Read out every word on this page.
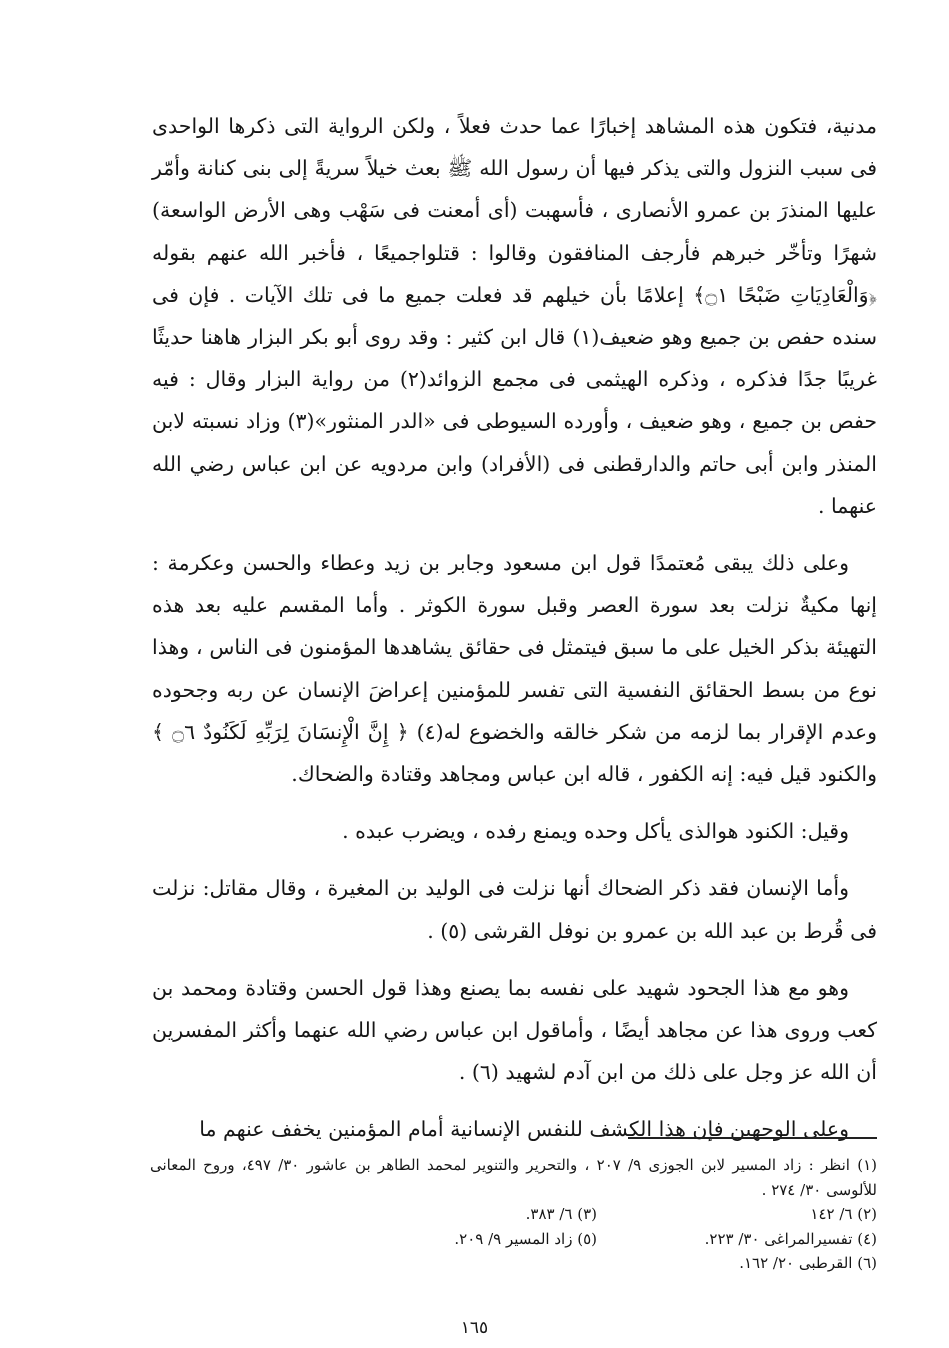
مدنية، فتكون هذه المشاهد إخبارًا عما حدث فعلاً ، ولكن الرواية التى ذكرها الواحدى فى سبب النزول والتى يذكر فيها أن رسول الله ﷺ بعث خيلاً سريةً إلى بنى كنانة وأمّر عليها المنذرَ بن عمرو الأنصارى ، فأسهبت (أى أمعنت فى سَهْب وهى الأرض الواسعة) شهرًا وتأخّر خبرهم فأرجف المنافقون وقالوا : قتلواجميعًا ، فأخبر الله عنهم بقوله ﴿وَالْعَادِيَاتِ ضَبْحًا ۝١﴾ إعلامًا بأن خيلهم قد فعلت جميع ما فى تلك الآيات . فإن فى سنده حفص بن جميع وهو ضعيف(١) قال ابن كثير : وقد روى أبو بكر البزار هاهنا حديثًا غريبًا جدًا فذكره ، وذكره الهيثمى فى مجمع الزوائد(٢) من رواية البزار وقال : فيه حفص بن جميع ، وهو ضعيف ، وأورده السيوطى فى «الدر المنثور»(٣) وزاد نسبته لابن المنذر وابن أبى حاتم والدارقطنى فى (الأفراد) وابن مردويه عن ابن عباس رضي الله عنهما .

وعلى ذلك يبقى مُعتمدًا قول ابن مسعود وجابر بن زيد وعطاء والحسن وعكرمة : إنها مكيةٌ نزلت بعد سورة العصر وقبل سورة الكوثر . وأما المقسم عليه بعد هذه التهيئة بذكر الخيل على ما سبق فيتمثل فى حقائق يشاهدها المؤمنون فى الناس ، وهذا نوع من بسط الحقائق النفسية التى تفسر للمؤمنين إعراضَ الإنسان عن ربه وجحوده وعدم الإقرار بما لزمه من شكر خالقه والخضوع له(٤) ﴿ إِنَّ الْإِنسَانَ لِرَبِّهِ لَكَنُودٌ ۝٦ ﴾ والكنود قيل فيه: إنه الكفور ، قاله ابن عباس ومجاهد وقتادة والضحاك.

وقيل: الكنود هوالذى يأكل وحده ويمنع رفده ، ويضرب عبده .

وأما الإنسان فقد ذكر الضحاك أنها نزلت فى الوليد بن المغيرة ، وقال مقاتل: نزلت فى قُرط بن عبد الله بن عمرو بن نوفل القرشى (٥) .

وهو مع هذا الجحود شهيد على نفسه بما يصنع وهذا قول الحسن وقتادة ومحمد بن كعب وروى هذا عن مجاهد أيضًا ، وأماقول ابن عباس رضي الله عنهما وأكثر المفسرين أن الله عز وجل على ذلك من ابن آدم لشهيد (٦) .

وعلى الوجهين فإن هذا الكشف للنفس الإنسانية أمام المؤمنين يخفف عنهم ما

(١) انظر : زاد المسير لابن الجوزى ٩/ ٢٠٧ ، والتحرير والتنوير لمحمد الطاهر بن عاشور ٣٠/ ٤٩٧، وروح المعانى للألوسى ٣٠/ ٢٧٤ .
(٢) ٦/ ١٤٢
(٣) ٦/ ٣٨٣.
(٤) تفسيرالمراغى ٣٠/ ٢٢٣.
(٥) زاد المسير ٩/ ٢٠٩.
(٦) القرطبى ٢٠/ ١٦٢.
١٦٥
